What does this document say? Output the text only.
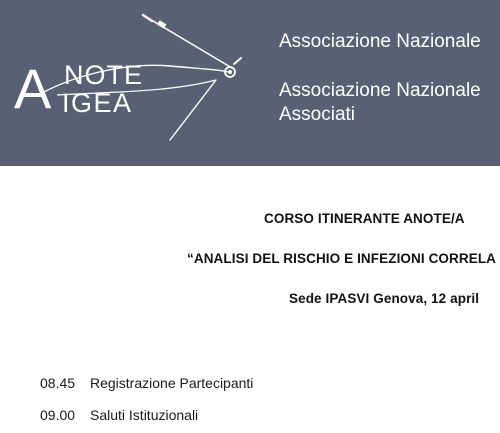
A NOTE
IGEA
Associazione Nazionale
Associazione Nazionale
Associati
CORSO ITINERANTE ANOTE/A
“ANALISI DEL RISCHIO E INFEZIONI CORRELA
Sede IPASVI Genova, 12 april
08.45	Registrazione Partecipanti
09.00	Saluti Istituzionali
